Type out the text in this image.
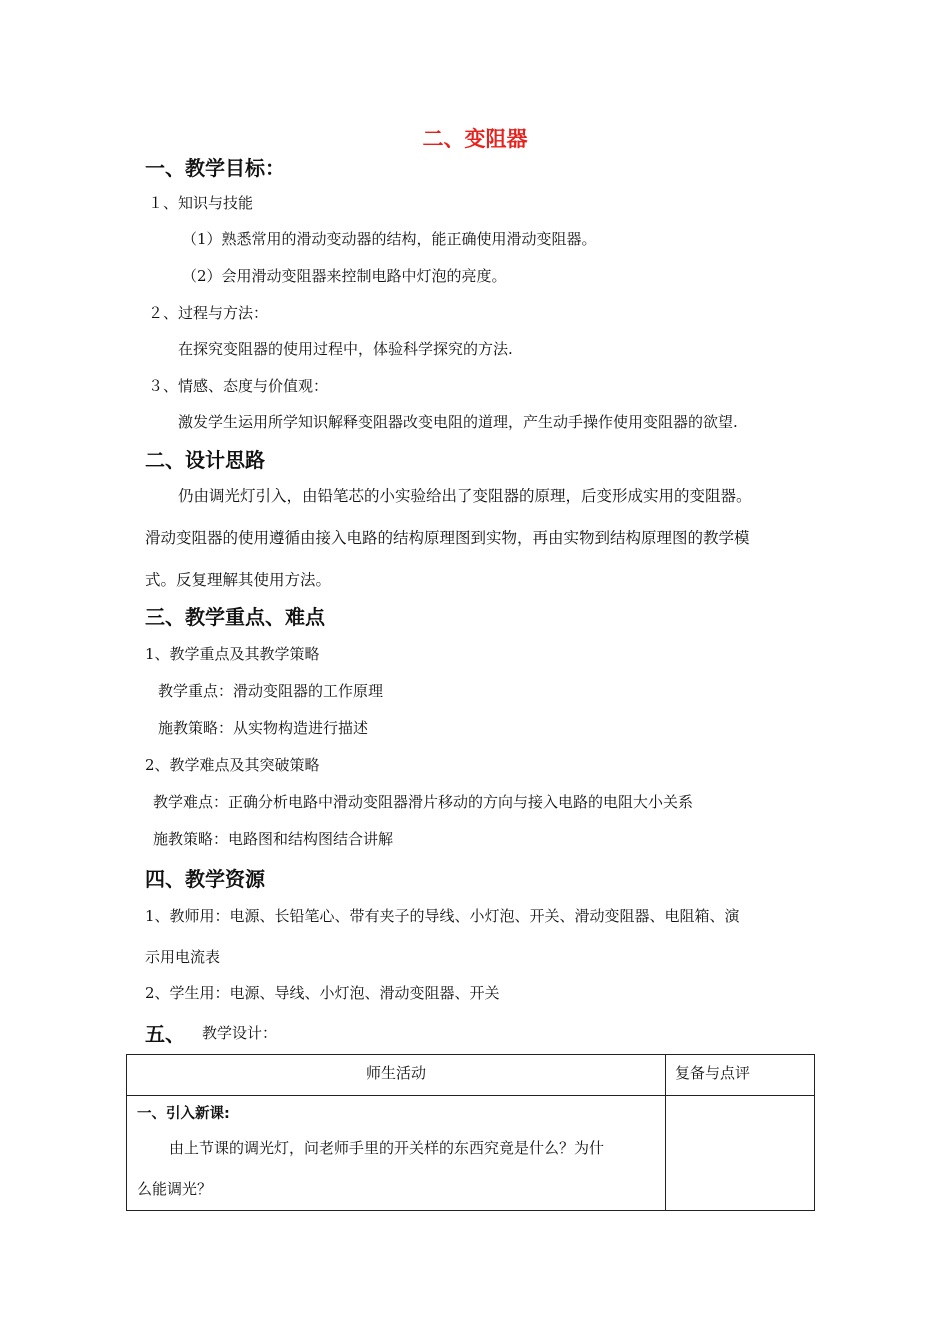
二、变阻器
一、教学目标：
１、知识与技能
（1）熟悉常用的滑动变动器的结构，能正确使用滑动变阻器。
（2）会用滑动变阻器来控制电路中灯泡的亮度。
２、过程与方法：
在探究变阻器的使用过程中，体验科学探究的方法.
３、情感、态度与价值观：
激发学生运用所学知识解释变阻器改变电阻的道理，产生动手操作使用变阻器的欲望.
二、设计思路
仍由调光灯引入，由铅笔芯的小实验给出了变阻器的原理，后变形成实用的变阻器。
滑动变阻器的使用遵循由接入电路的结构原理图到实物，再由实物到结构原理图的教学模
式。反复理解其使用方法。
三、教学重点、难点
1、教学重点及其教学策略
教学重点：滑动变阻器的工作原理
施教策略：从实物构造进行描述
2、教学难点及其突破策略
教学难点：正确分析电路中滑动变阻器滑片移动的方向与接入电路的电阻大小关系
施教策略：电路图和结构图结合讲解
四、教学资源
1、教师用：电源、长铅笔心、带有夹子的导线、小灯泡、开关、滑动变阻器、电阻箱、演
示用电流表
2、学生用：电源、导线、小灯泡、滑动变阻器、开关
五、 教学设计：
师生活动	复备与点评

一、引入新课:
由上节课的调光灯，问老师手里的开关样的东西究竟是什么？为什
么能调光？	
